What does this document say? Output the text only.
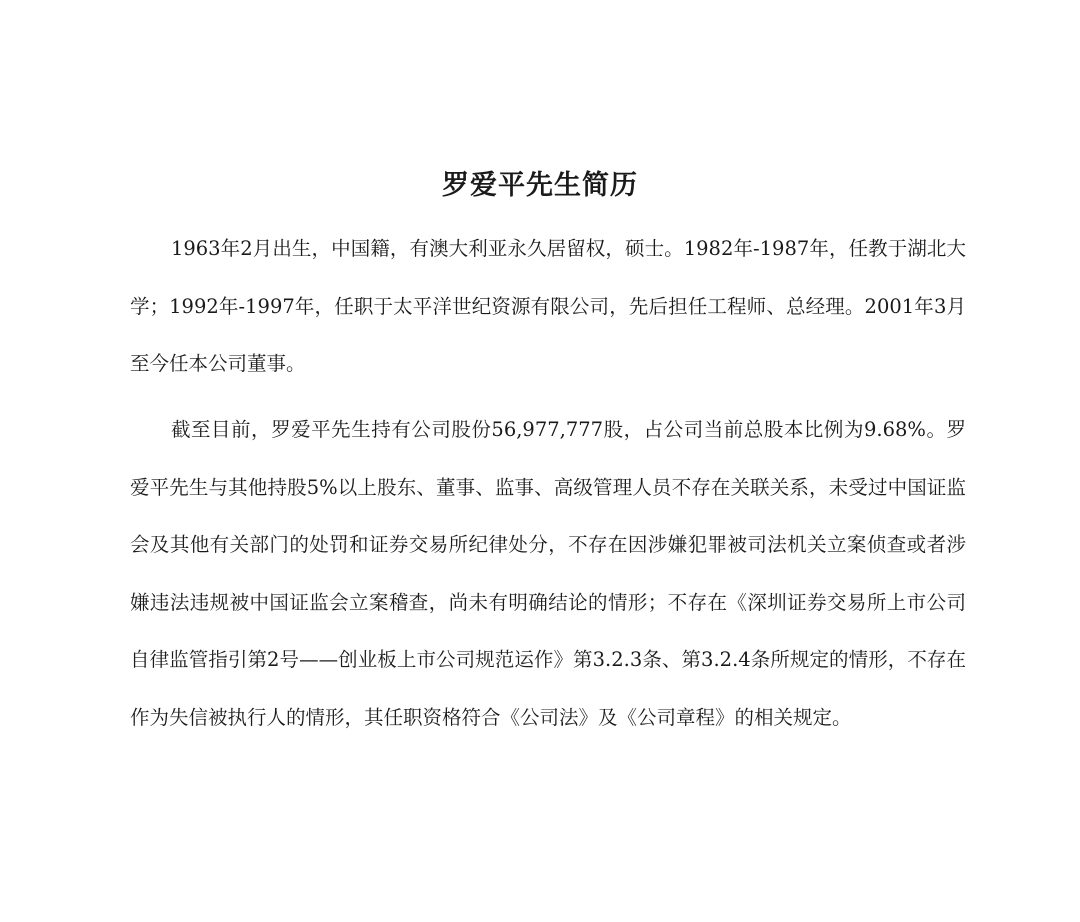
罗爱平先生简历

1963年2月出生，中国籍，有澳大利亚永久居留权，硕士。1982年-1987年，任教于湖北大学；1992年-1997年，任职于太平洋世纪资源有限公司，先后担任工程师、总经理。2001年3月至今任本公司董事。

截至目前，罗爱平先生持有公司股份56,977,777股，占公司当前总股本比例为9.68%。罗爱平先生与其他持股5%以上股东、董事、监事、高级管理人员不存在关联关系，未受过中国证监会及其他有关部门的处罚和证券交易所纪律处分，不存在因涉嫌犯罪被司法机关立案侦查或者涉嫌违法违规被中国证监会立案稽查，尚未有明确结论的情形；不存在《深圳证券交易所上市公司自律监管指引第2号——创业板上市公司规范运作》第3.2.3条、第3.2.4条所规定的情形，不存在作为失信被执行人的情形，其任职资格符合《公司法》及《公司章程》的相关规定。
